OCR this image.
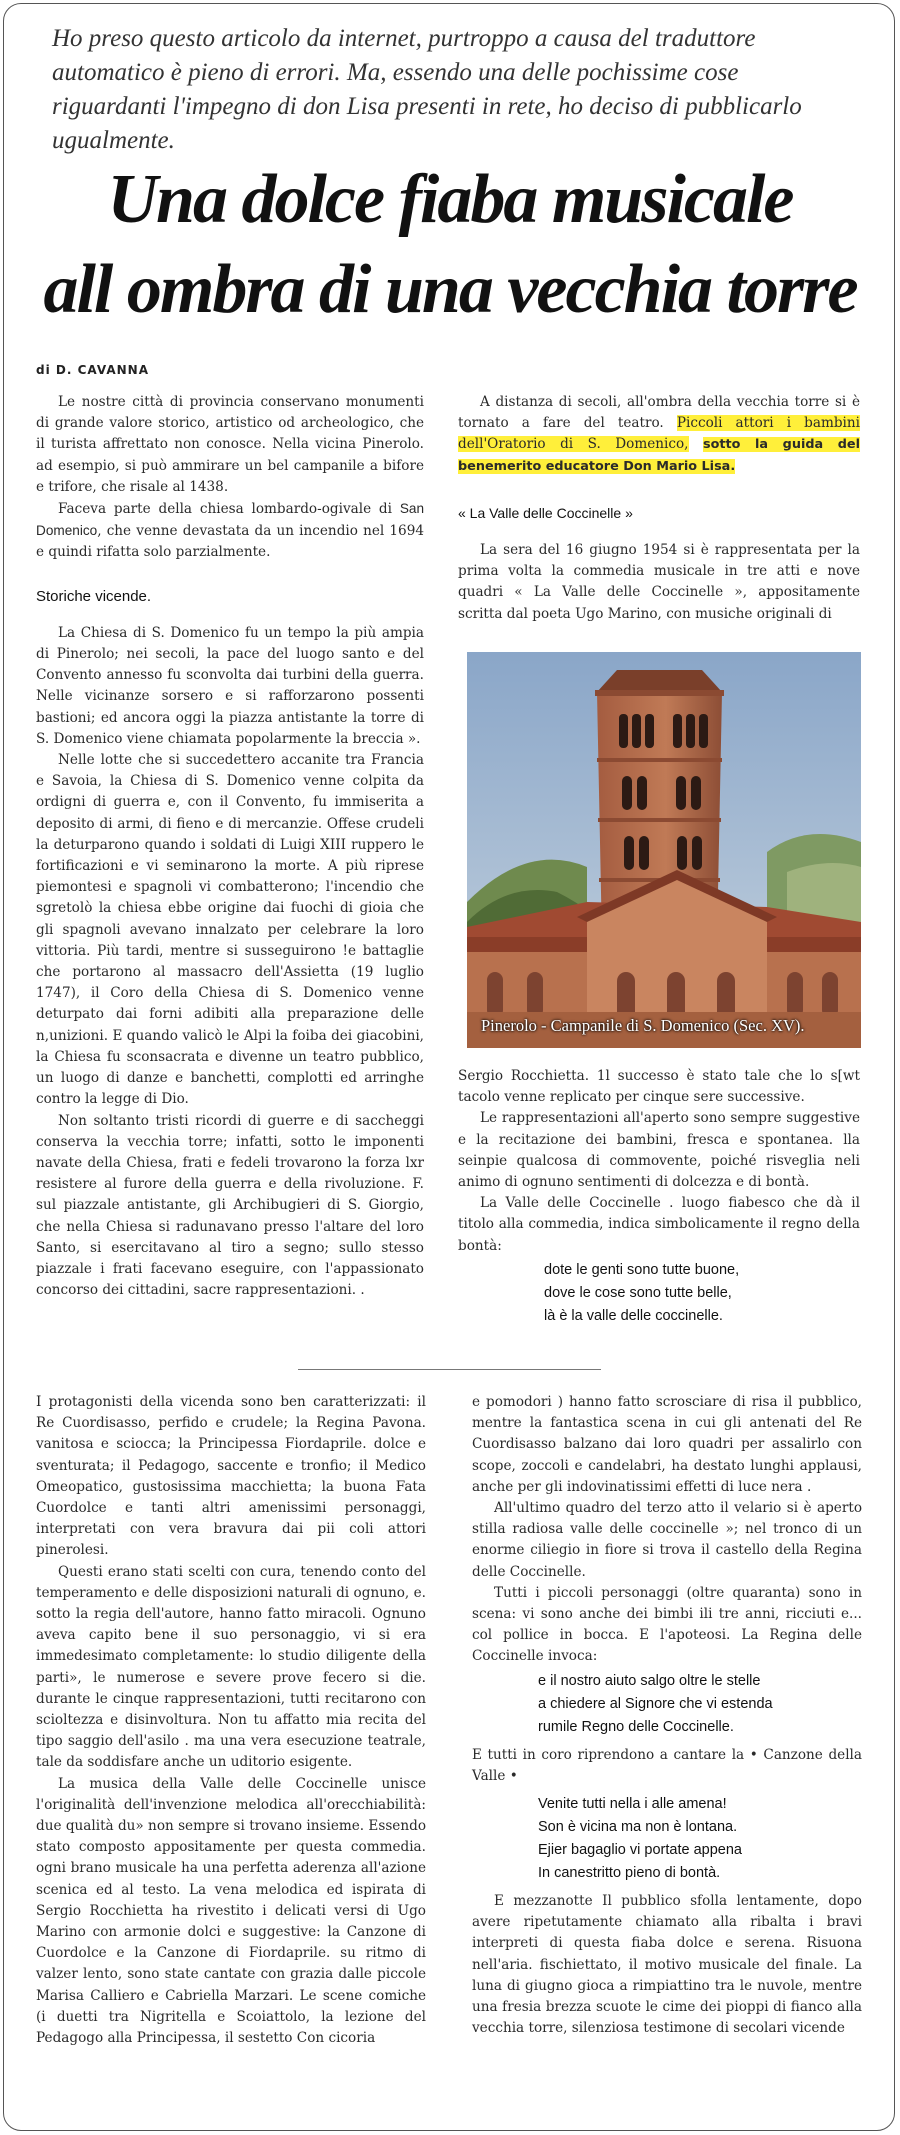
Ho preso questo articolo da internet, purtroppo a causa del traduttore automatico è pieno di errori. Ma, essendo una delle pochissime cose riguardanti l'impegno di don Lisa presenti in rete, ho deciso di pubblicarlo ugualmente.
Una dolce fiaba musicale
all ombra di una vecchia torre
di D. CAVANNA

Le nostre città di provincia conservano monumenti di grande valore storico, artistico od archeologico, che il turista affrettato non conosce. Nella vicina Pinerolo. ad esempio, si può ammirare un bel campanile a bifore e trifore, che risale al 1438.

Faceva parte della chiesa lombardo-ogivale di San Domenico, che venne devastata da un incendio nel 1694 e quindi rifatta solo parzialmente.

Storiche vicende.

La Chiesa di S. Domenico fu un tempo la più ampia di Pinerolo; nei secoli, la pace del luogo santo e del Convento annesso fu sconvolta dai turbini della guerra. Nelle vicinanze sorsero e si rafforzarono possenti bastioni; ed ancora oggi la piazza antistante la torre di S. Domenico viene chiamata popolarmente la breccia ».

Nelle lotte che si succedettero accanite tra Francia e Savoia, la Chiesa di S. Domenico venne colpita da ordigni di guerra e, con il Convento, fu immiserita a deposito di armi, di fieno e di mercanzie. Offese crudeli la deturparono quando i soldati di Luigi XIII ruppero le fortificazioni e vi seminarono la morte. A più riprese piemontesi e spagnoli vi combatterono; l'incendio che sgretolò la chiesa ebbe origine dai fuochi di gioia che gli spagnoli avevano innalzato per celebrare la loro vittoria. Più tardi, mentre si susseguirono !e battaglie che portarono al massacro dell'Assietta (19 luglio 1747), il Coro della Chiesa di S. Domenico venne deturpato dai forni adibiti alla preparazione delle n,unizioni. E quando valicò le Alpi la foiba dei giacobini, la Chiesa fu sconsacrata e divenne un teatro pubblico, un luogo di danze e banchetti, complotti ed arringhe contro la legge di Dio.

Non soltanto tristi ricordi di guerre e di saccheggi conserva la vecchia torre; infatti, sotto le imponenti navate della Chiesa, frati e fedeli trovarono la forza lxr resistere al furore della guerra e della rivoluzione. F. sul piazzale antistante, gli Archibugieri di S. Giorgio, che nella Chiesa si radunavano presso l'altare del loro Santo, si esercitavano al tiro a segno; sullo stesso piazzale i frati facevano eseguire, con l'appassionato concorso dei cittadini, sacre rappresentazioni. .

A distanza di secoli, all'ombra della vecchia torre si è tornato a fare del teatro. Piccoli attori i bambini dell'Oratorio di S. Domenico, sotto la guida del benemerito educatore Don Mario Lisa.

« La Valle delle Coccinelle »

La sera del 16 giugno 1954 si è rappresentata per la prima volta la commedia musicale in tre atti e nove quadri « La Valle delle Coccinelle », appositamente scritta dal poeta Ugo Marino, con musiche originali di

Pinerolo - Campanile di S. Domenico (Sec. XV).

Sergio Rocchietta. 1l successo è stato tale che lo s[wt tacolo venne replicato per cinque sere successive.

Le rappresentazioni all'aperto sono sempre suggestive e la recitazione dei bambini, fresca e spontanea. lla seinpie qualcosa di commovente, poiché risveglia neli animo di ognuno sentimenti di dolcezza e di bontà.

La Valle delle Coccinelle . luogo fiabesco che dà il titolo alla commedia, indica simbolicamente il regno della bontà:

dote le genti sono tutte buone,
dove le cose sono tutte belle,
là è la valle delle coccinelle.

I protagonisti della vicenda sono ben caratterizzati: il Re Cuordisasso, perfido e crudele; la Regina Pavona. vanitosa e sciocca; la Principessa Fiordaprile. dolce e sventurata; il Pedagogo, saccente e tronfio; il Medico Omeopatico, gustosissima macchietta; la buona Fata Cuordolce e tanti altri amenissimi personaggi, interpretati con vera bravura dai pii coli attori pinerolesi.

Questi erano stati scelti con cura, tenendo conto del temperamento e delle disposizioni naturali di ognuno, e. sotto la regia dell'autore, hanno fatto miracoli. Ognuno aveva capito bene il suo personaggio, vi si era immedesimato completamente: lo studio diligente della parti», le numerose e severe prove fecero si die. durante le cinque rappresentazioni, tutti recitarono con scioltezza e disinvoltura. Non tu affatto mia recita del tipo saggio dell'asilo . ma una vera esecuzione teatrale, tale da soddisfare anche un uditorio esigente.

La musica della Valle delle Coccinelle unisce l'originalità dell'invenzione melodica all'orecchiabilità: due qualità du» non sempre si trovano insieme. Essendo stato composto appositamente per questa commedia. ogni brano musicale ha una perfetta aderenza all'azione scenica ed al testo. La vena melodica ed ispirata di Sergio Rocchietta ha rivestito i delicati versi di Ugo Marino con armonie dolci e suggestive: la Canzone di Cuordolce e la Canzone di Fiordaprile. su ritmo di valzer lento, sono state cantate con grazia dalle piccole Marisa Calliero e Cabriella Marzari. Le scene comiche (i duetti tra Nigritella e Scoiattolo, la lezione del Pedagogo alla Principessa, il sestetto Con cicoria

e pomodori ) hanno fatto scrosciare di risa il pubblico, mentre la fantastica scena in cui gli antenati del Re Cuordisasso balzano dai loro quadri per assalirlo con scope, zoccoli e candelabri, ha destato lunghi applausi, anche per gli indovinatissimi effetti di luce nera .

All'ultimo quadro del terzo atto il velario si è aperto stilla radiosa valle delle coccinelle »; nel tronco di un enorme ciliegio in fiore si trova il castello della Regina delle Coccinelle.

Tutti i piccoli personaggi (oltre quaranta) sono in scena: vi sono anche dei bimbi ili tre anni, ricciuti e... col pollice in bocca. E l'apoteosi. La Regina delle Coccinelle invoca:

e il nostro aiuto salgo oltre le stelle
a chiedere al Signore che vi estenda
rumile Regno delle Coccinelle.

E tutti in coro riprendono a cantare la • Canzone della Valle •

Venite tutti nella i alle amena!
Son è vicina ma non è lontana.
Ejier bagaglio vi portate appena
In canestritto pieno di bontà.

E mezzanotte Il pubblico sfolla lentamente, dopo avere ripetutamente chiamato alla ribalta i bravi interpreti di questa fiaba dolce e serena. Risuona nell'aria. fischiettato, il motivo musicale del finale. La luna di giugno gioca a rimpiattino tra le nuvole, mentre una fresia brezza scuote le cime dei pioppi di fianco alla vecchia torre, silenziosa testimone di secolari vicende
